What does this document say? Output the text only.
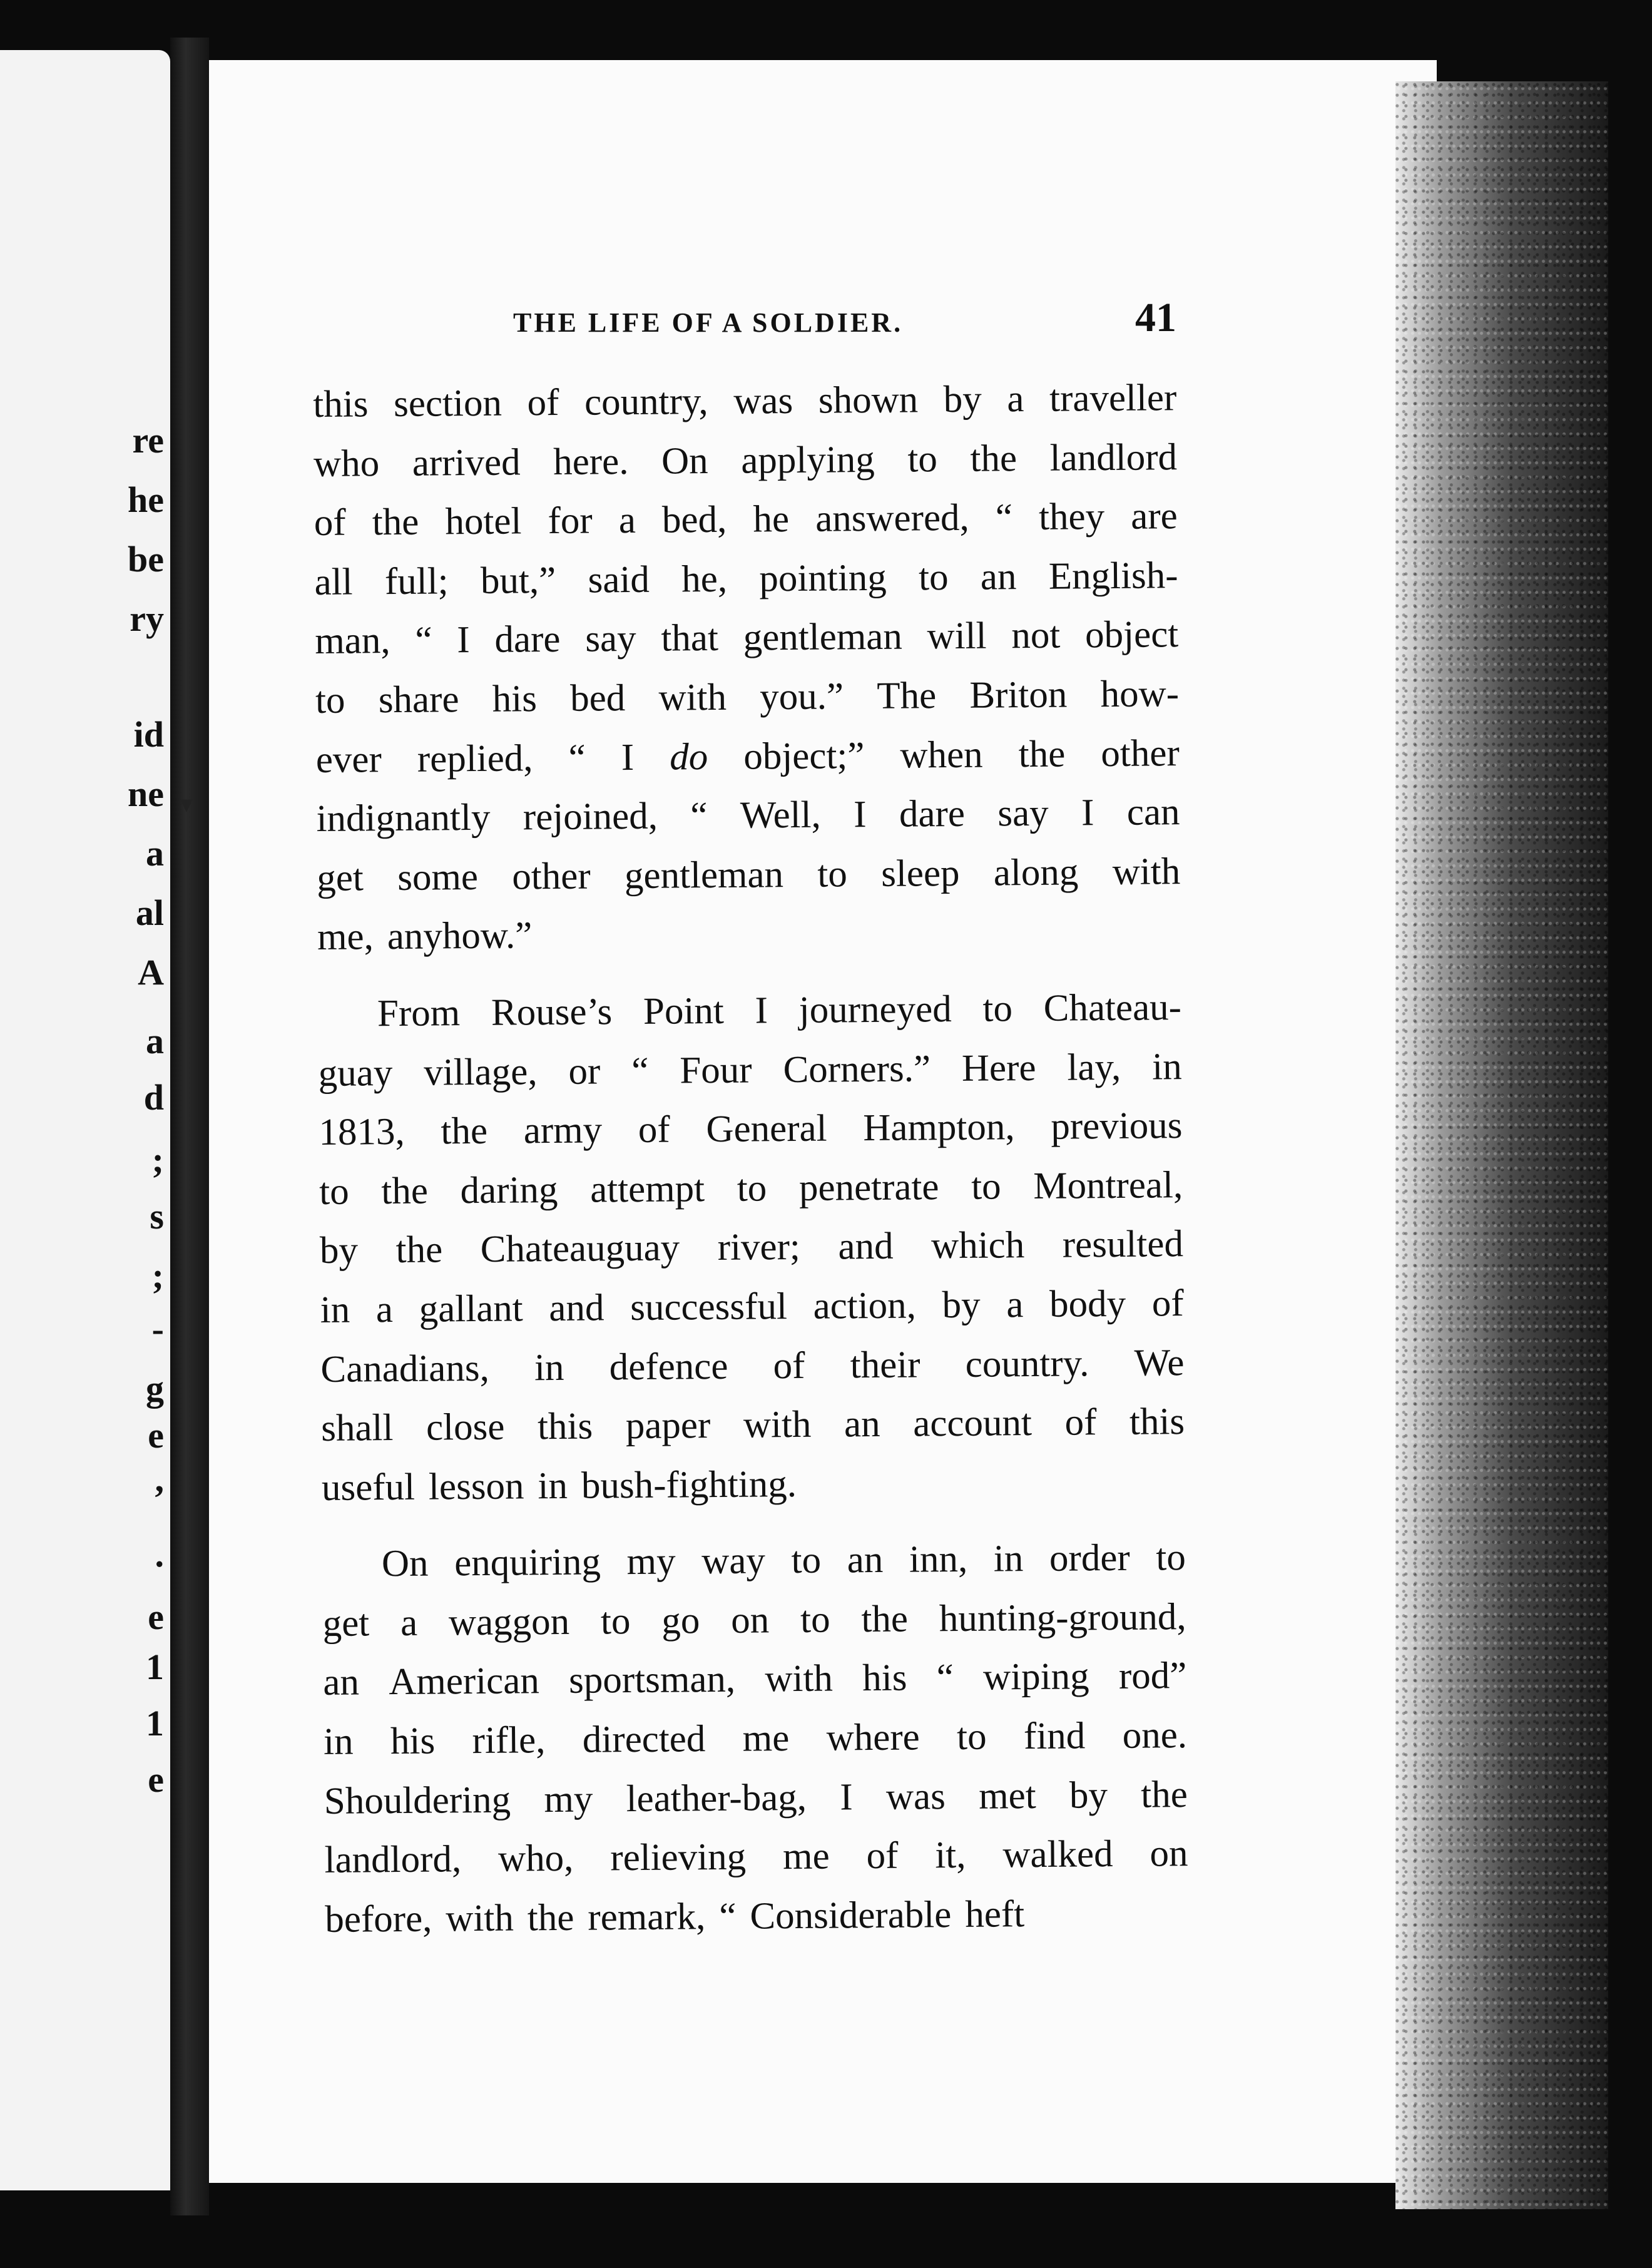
re
he
be
ry
id
ne
a
al
A
a
d
;
s
;
-
g
e
,
.
e
1
1
e
▾
THE LIFE OF A SOLDIER.	41
this section of country, was shown by a traveller
who arrived here. On applying to the landlord
of the hotel for a bed, he answered, “ they are
all full; but,” said he, pointing to an English-
man, “ I dare say that gentleman will not object
to share his bed with you.” The Briton how-
ever replied, “ I do object;” when the other
indignantly rejoined, “ Well, I dare say I can
get some other gentleman to sleep along with
me, anyhow.”
From Rouse’s Point I journeyed to Chateau-
guay village, or “ Four Corners.” Here lay, in
1813, the army of General Hampton, previous
to the daring attempt to penetrate to Montreal,
by the Chateauguay river; and which resulted
in a gallant and successful action, by a body of
Canadians, in defence of their country. We
shall close this paper with an account of this
useful lesson in bush-fighting.
On enquiring my way to an inn, in order to
get a waggon to go on to the hunting-ground,
an American sportsman, with his “ wiping rod”
in his rifle, directed me where to find one.
Shouldering my leather-bag, I was met by the
landlord, who, relieving me of it, walked on
before, with the remark, “ Considerable heft
